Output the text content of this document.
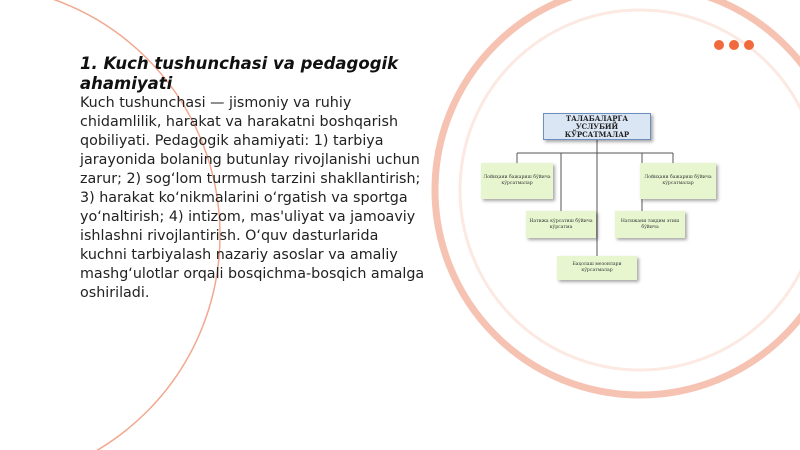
1. Kuch tushunchasi va pedagogik ahamiyati

Kuch tushunchasi — jismoniy va ruhiy chidamlilik, harakat va harakatni boshqarish qobiliyati. Pedagogik ahamiyati: 1) tarbiya jarayonida bolaning butunlay rivojlanishi uchun zarur; 2) sog‘lom turmush tarzini shakllantirish; 3) harakat ko‘nikmalarini o‘rgatish va sportga yo‘naltirish; 4) intizom, mas'uliyat va jamoaviy ishlashni rivojlantirish. O‘quv dasturlarida kuchni tarbiyalash nazariy asoslar va amaliy mashg‘ulotlar orqali bosqichma-bosqich amalga oshiriladi.

ТАЛАБАЛАРГА УСЛУБИЙ КЎРСАТМАЛАР
Лойиҳани бажариш бўйича кўрсатмалар
Лойиҳани бажариш бўйича кўрсатмалар
Натижа кўрсатиш бўйича кўрсатма
Натижани тақдим этиш бўйича
Баҳолаш мезонлари кўрсатмалар
